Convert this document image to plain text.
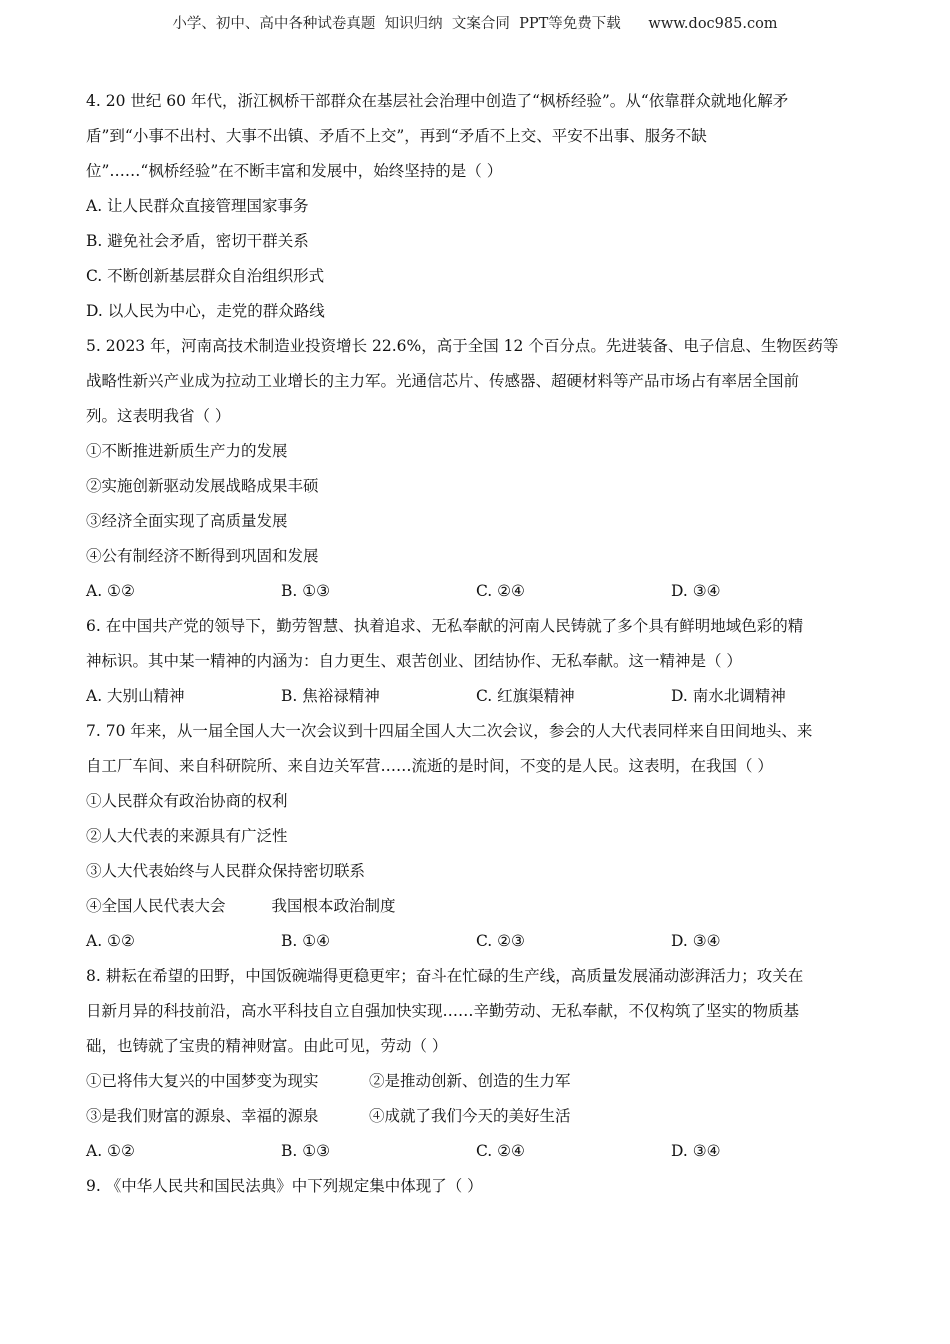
小学、初中、高中各种试卷真题  知识归纳  文案合同  PPT等免费下载      www.doc985.com
4. 20 世纪 60 年代，浙江枫桥干部群众在基层社会治理中创造了“枫桥经验”。从“依靠群众就地化解矛
盾”到“小事不出村、大事不出镇、矛盾不上交”，再到“矛盾不上交、平安不出事、服务不缺
位”……“枫桥经验”在不断丰富和发展中，始终坚持的是（ ）
A. 让人民群众直接管理国家事务
B. 避免社会矛盾，密切干群关系
C. 不断创新基层群众自治组织形式
D. 以人民为中心，走党的群众路线
5. 2023 年，河南高技术制造业投资增长 22.6%，高于全国 12 个百分点。先进装备、电子信息、生物医药等
战略性新兴产业成为拉动工业增长的主力军。光通信芯片、传感器、超硬材料等产品市场占有率居全国前
列。这表明我省（ ）
①不断推进新质生产力的发展
②实施创新驱动发展战略成果丰硕
③经济全面实现了高质量发展
④公有制经济不断得到巩固和发展
A. ①②	B. ①③	C. ②④	D. ③④
6. 在中国共产党的领导下，勤劳智慧、执着追求、无私奉献的河南人民铸就了多个具有鲜明地域色彩的精
神标识。其中某一精神的内涵为：自力更生、艰苦创业、团结协作、无私奉献。这一精神是（ ）
A. 大别山精神	B. 焦裕禄精神	C. 红旗渠精神	D. 南水北调精神
7. 70 年来，从一届全国人大一次会议到十四届全国人大二次会议，参会的人大代表同样来自田间地头、来
自工厂车间、来自科研院所、来自边关军营……流逝的是时间，不变的是人民。这表明，在我国（ ）
①人民群众有政治协商的权利
②人大代表的来源具有广泛性
③人大代表始终与人民群众保持密切联系
④全国人民代表大会	我国根本政治制度
A. ①②	B. ①④	C. ②③	D. ③④
8. 耕耘在希望的田野，中国饭碗端得更稳更牢；奋斗在忙碌的生产线，高质量发展涌动澎湃活力；攻关在
日新月异的科技前沿，高水平科技自立自强加快实现……辛勤劳动、无私奉献，不仅构筑了坚实的物质基
础，也铸就了宝贵的精神财富。由此可见，劳动（ ）
①已将伟大复兴的中国梦变为现实	②是推动创新、创造的生力军
③是我们财富的源泉、幸福的源泉	④成就了我们今天的美好生活
A. ①②	B. ①③	C. ②④	D. ③④
9. 《中华人民共和国民法典》中下列规定集中体现了（ ）
